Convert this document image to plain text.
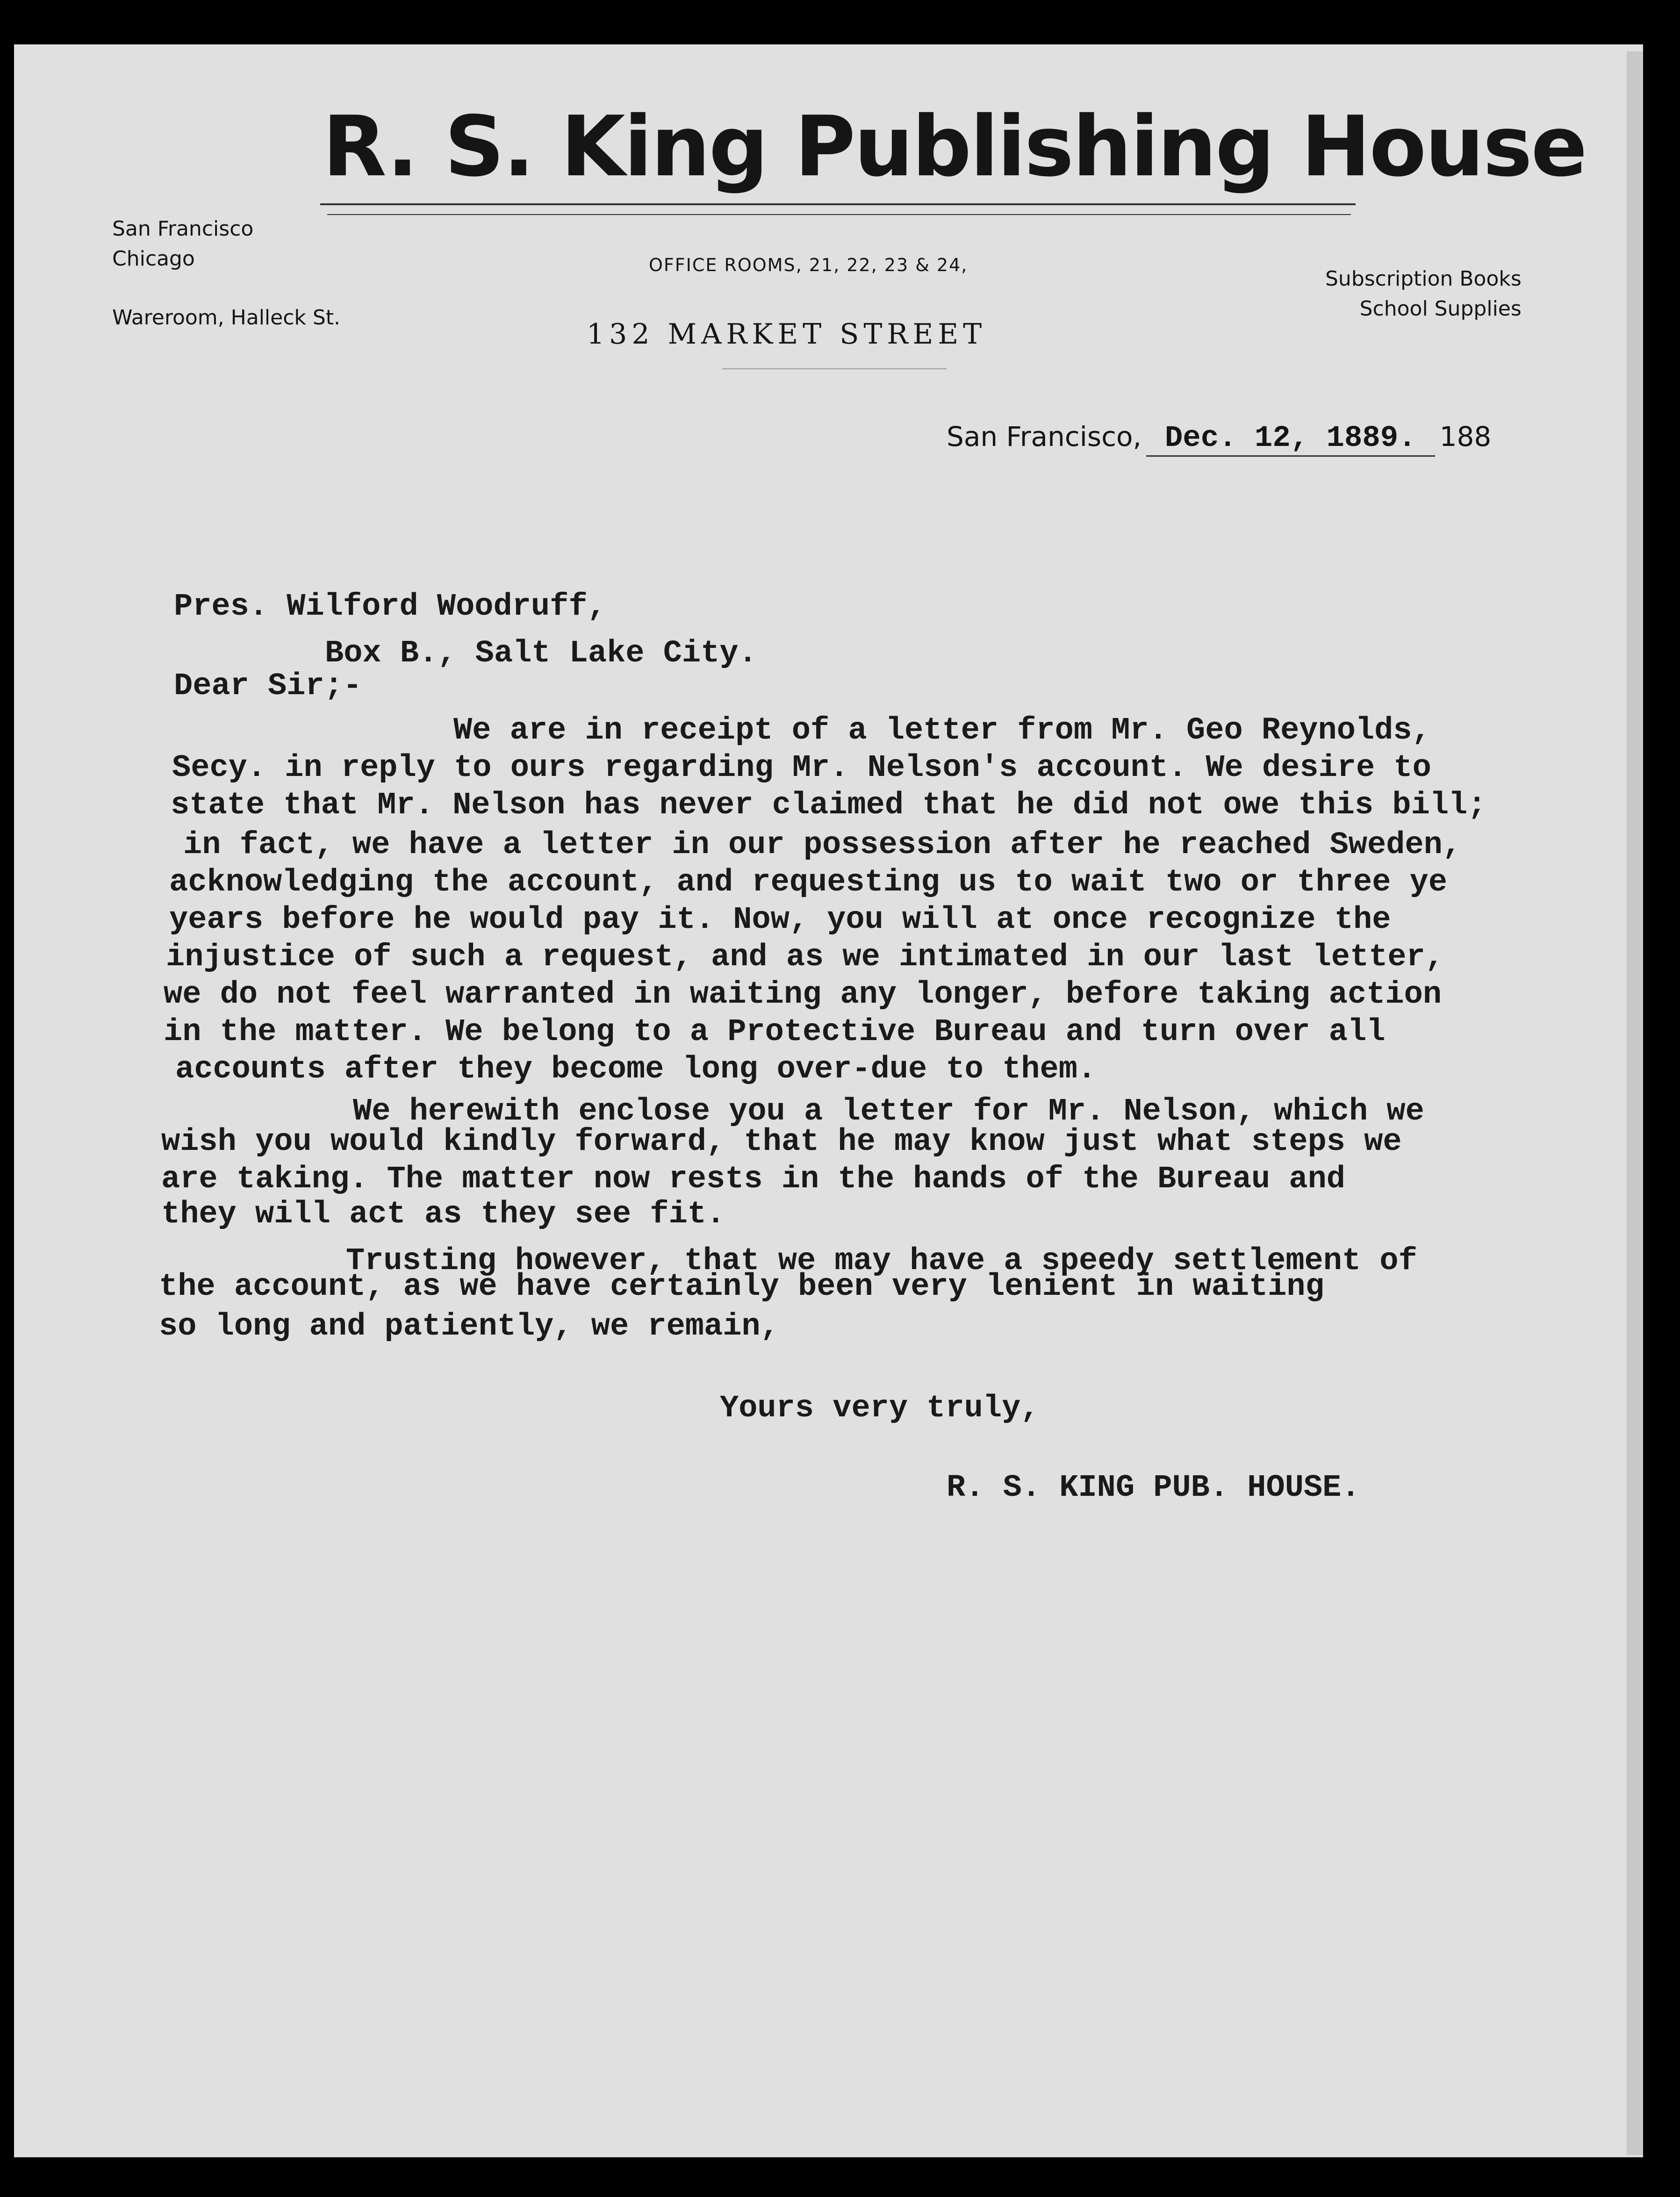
R. S. King Publishing House
San Francisco
Chicago
Wareroom, Halleck St.
OFFICE ROOMS, 21, 22, 23 & 24,
132 MARKET STREET
Subscription Books
School Supplies
San Francisco, Dec. 12, 1889. 188
Pres. Wilford Woodruff,
Box B., Salt Lake City.
Dear Sir;-
We are in receipt of a letter from Mr. Geo Reynolds,
Secy. in reply to ours regarding Mr. Nelson's account. We desire to
state that Mr. Nelson has never claimed that he did not owe this bill;
in fact, we have a letter in our possession after he reached Sweden,
acknowledging the account, and requesting us to wait two or three ye
years before he would pay it. Now, you will at once recognize the
injustice of such a request, and as we intimated in our last letter,
we do not feel warranted in waiting any longer, before taking action
in the matter. We belong to a Protective Bureau and turn over all
accounts after they become long over-due to them.
We herewith enclose you a letter for Mr. Nelson, which we
wish you would kindly forward, that he may know just what steps we
are taking. The matter now rests in the hands of the Bureau and
they will act as they see fit.
Trusting however, that we may have a speedy settlement of
the account, as we have certainly been very lenient in waiting
so long and patiently, we remain,
Yours very truly,
R. S. KING PUB. HOUSE.
